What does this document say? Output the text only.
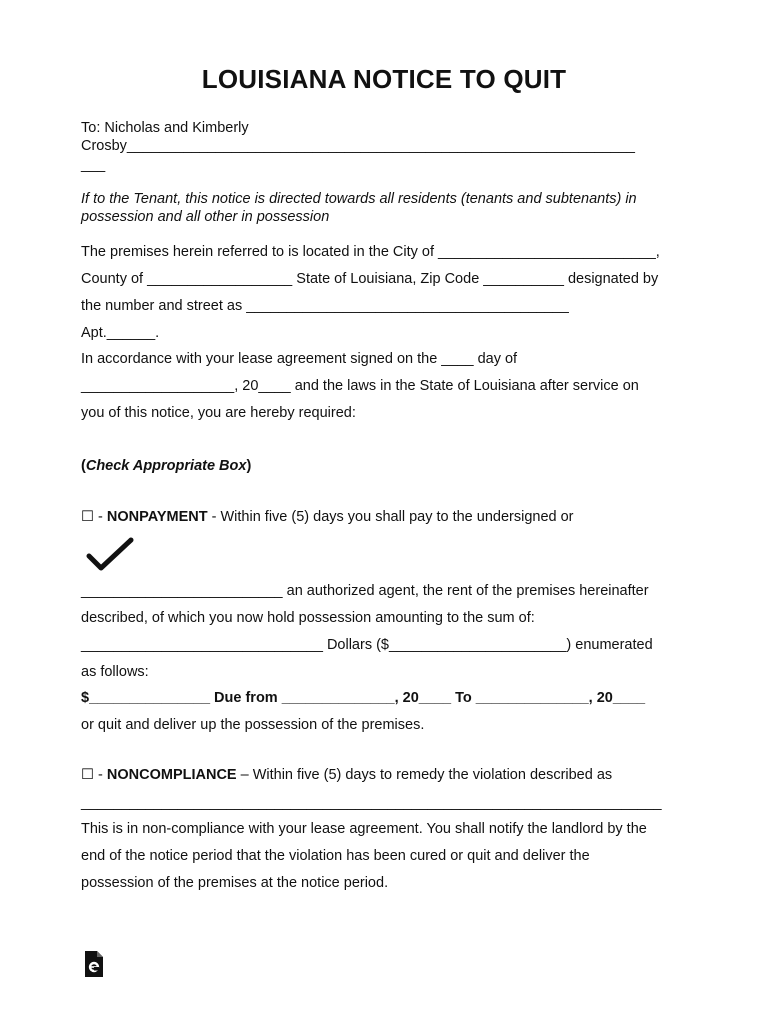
LOUISIANA NOTICE TO QUIT
To: Nicholas and Kimberly
Crosby_______________________________________________________________
___
If to the Tenant, this notice is directed towards all residents (tenants and subtenants) in
possession and all other in possession
The premises herein referred to is located in the City of ___________________________,
County of __________________ State of Louisiana, Zip Code __________ designated by
the number and street as ________________________________________
Apt.______.
In accordance with your lease agreement signed on the ____ day of
___________________, 20____ and the laws in the State of Louisiana after service on
you of this notice, you are hereby required:
(Check Appropriate Box)
☐ - NONPAYMENT - Within five (5) days you shall pay to the undersigned or
_________________________ an authorized agent, the rent of the premises hereinafter
described, of which you now hold possession amounting to the sum of:
______________________________ Dollars ($______________________) enumerated
as follows:
$_______________ Due from ______________, 20____ To ______________, 20____
or quit and deliver up the possession of the premises.
☐ - NONCOMPLIANCE – Within five (5) days to remedy the violation described as
________________________________________________________________________
This is in non-compliance with your lease agreement. You shall notify the landlord by the
end of the notice period that the violation has been cured or quit and deliver the
possession of the premises at the notice period.
